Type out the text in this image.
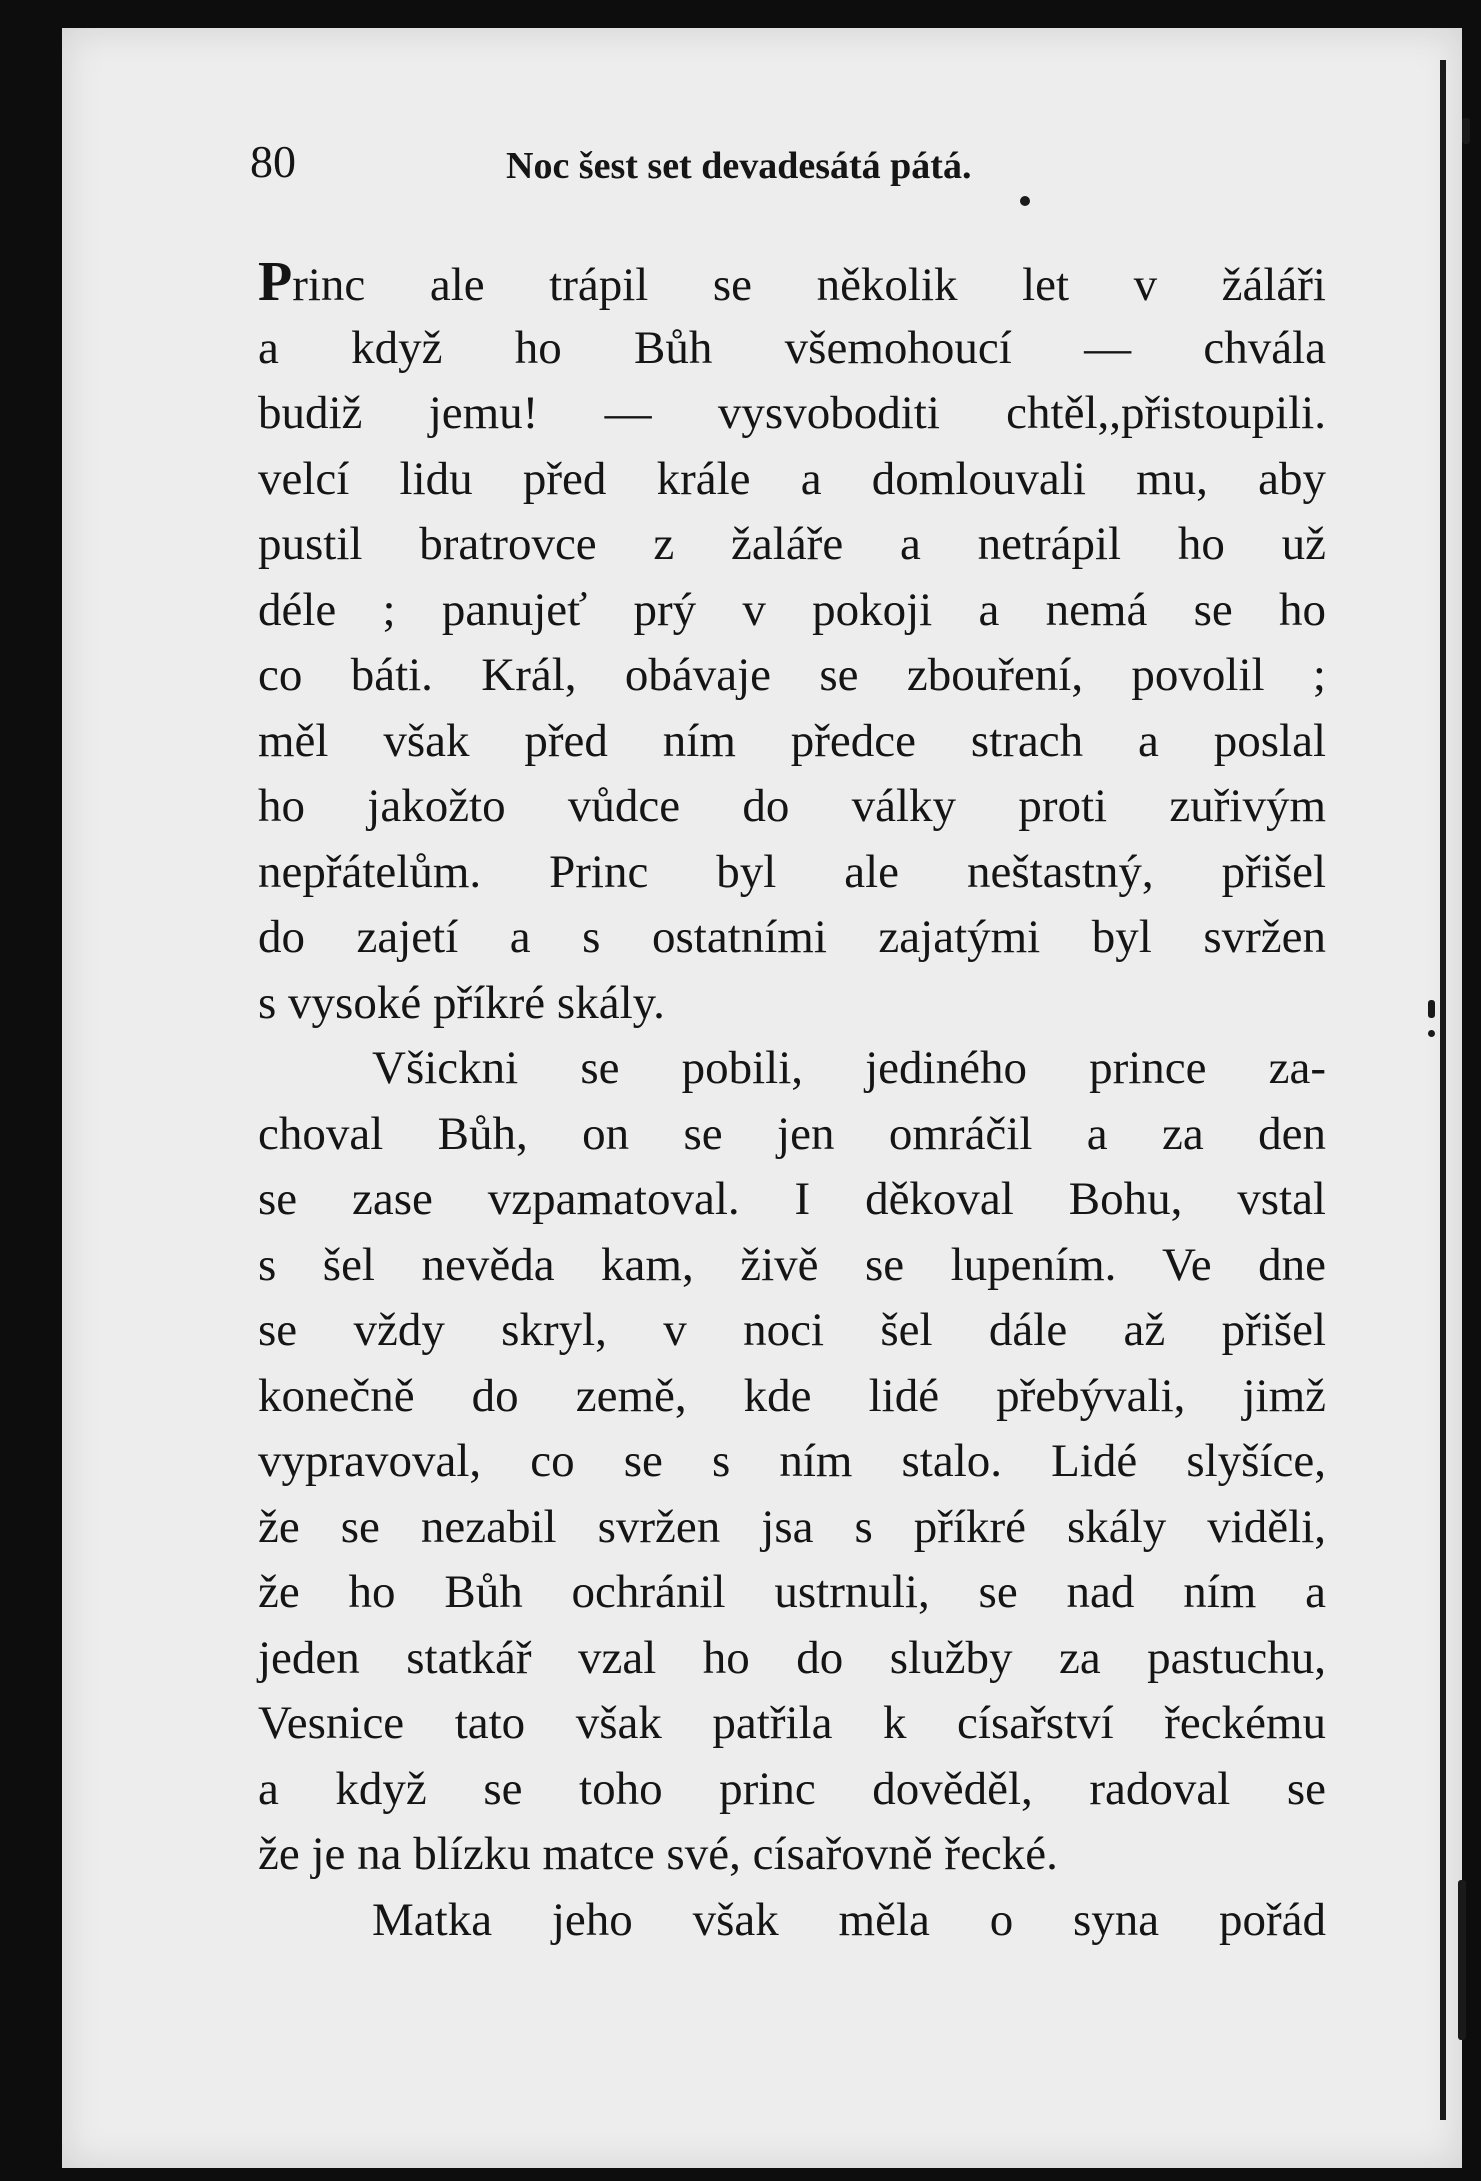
80	Noc šest set devadesátá pátá.
Princ ale trápil se několik let v žáláři
a když ho Bůh všemohoucí — chvála
budiž jemu! — vysvoboditi chtěl,,přistoupili.
velcí lidu před krále a domlouvali mu, aby
pustil bratrovce z žaláře a netrápil ho už
déle ; panujeť prý v pokoji a nemá se ho
co báti. Král, obávaje se zbouření, povolil ;
měl však před ním předce strach a poslal
ho jakožto vůdce do války proti zuřivým
nepřátelům. Princ byl ale neštastný, přišel
do zajetí a s ostatními zajatými byl svržen
s vysoké příkré skály.
Všickni se pobili, jediného prince za-
choval Bůh, on se jen omráčil a za den
se zase vzpamatoval. I děkoval Bohu, vstal
s šel nevěda kam, živě se lupením. Ve dne
se vždy skryl, v noci šel dále až přišel
konečně do země, kde lidé přebývali, jimž
vypravoval, co se s ním stalo. Lidé slyšíce,
že se nezabil svržen jsa s příkré skály viděli,
že ho Bůh ochránil ustrnuli, se nad ním a
jeden statkář vzal ho do služby za pastuchu,
Vesnice tato však patřila k císařství řeckému
a když se toho princ dověděl, radoval se
že je na blízku matce své, císařovně řecké.
Matka jeho však měla o syna pořád
